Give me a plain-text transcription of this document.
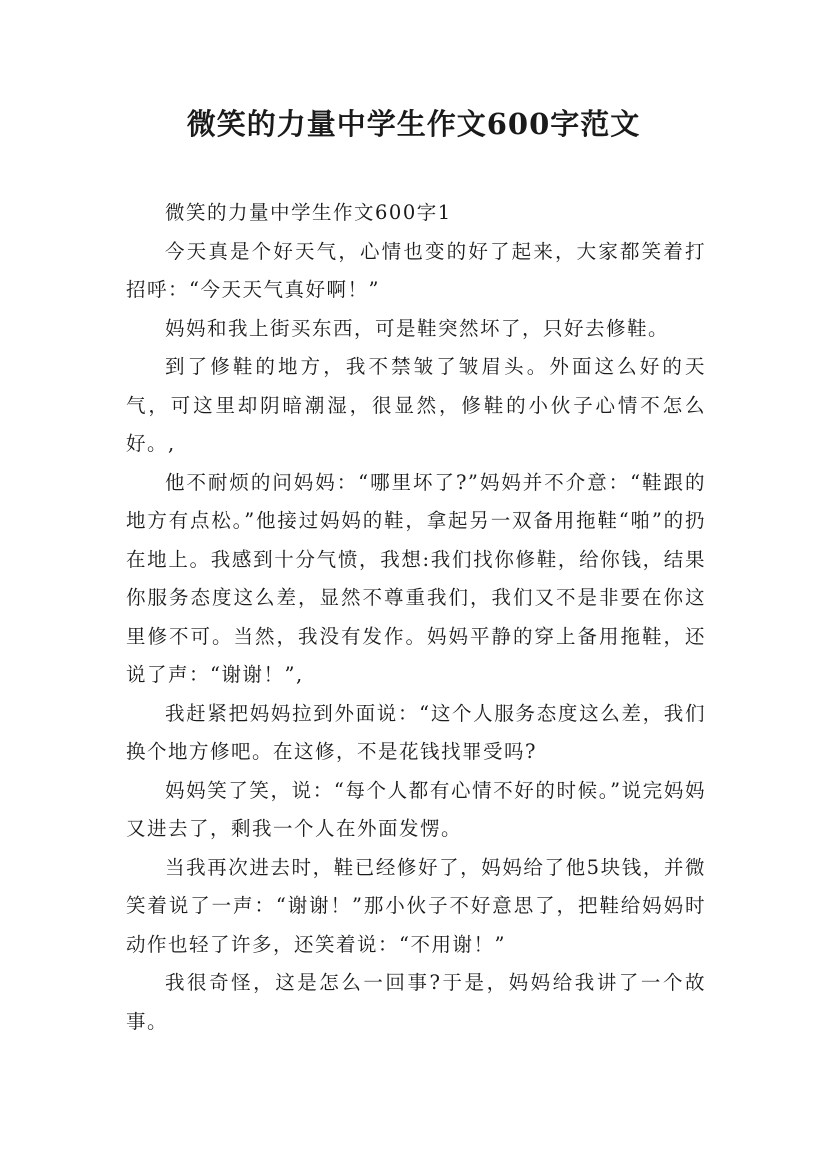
微笑的力量中学生作文600字范文

微笑的力量中学生作文600字1

今天真是个好天气，心情也变的好了起来，大家都笑着打招呼：“今天天气真好啊！”

妈妈和我上街买东西，可是鞋突然坏了，只好去修鞋。

到了修鞋的地方，我不禁皱了皱眉头。外面这么好的天气，可这里却阴暗潮湿，很显然，修鞋的小伙子心情不怎么好。,

他不耐烦的问妈妈：“哪里坏了?”妈妈并不介意：“鞋跟的地方有点松。”他接过妈妈的鞋，拿起另一双备用拖鞋“啪”的扔在地上。我感到十分气愤，我想:我们找你修鞋，给你钱，结果你服务态度这么差，显然不尊重我们，我们又不是非要在你这里修不可。当然，我没有发作。妈妈平静的穿上备用拖鞋，还说了声：“谢谢！”,

我赶紧把妈妈拉到外面说：“这个人服务态度这么差，我们换个地方修吧。在这修，不是花钱找罪受吗?

妈妈笑了笑，说：“每个人都有心情不好的时候。”说完妈妈又进去了，剩我一个人在外面发愣。

当我再次进去时，鞋已经修好了，妈妈给了他5块钱，并微笑着说了一声：“谢谢！”那小伙子不好意思了，把鞋给妈妈时动作也轻了许多，还笑着说：“不用谢！”

我很奇怪，这是怎么一回事?于是，妈妈给我讲了一个故事。
